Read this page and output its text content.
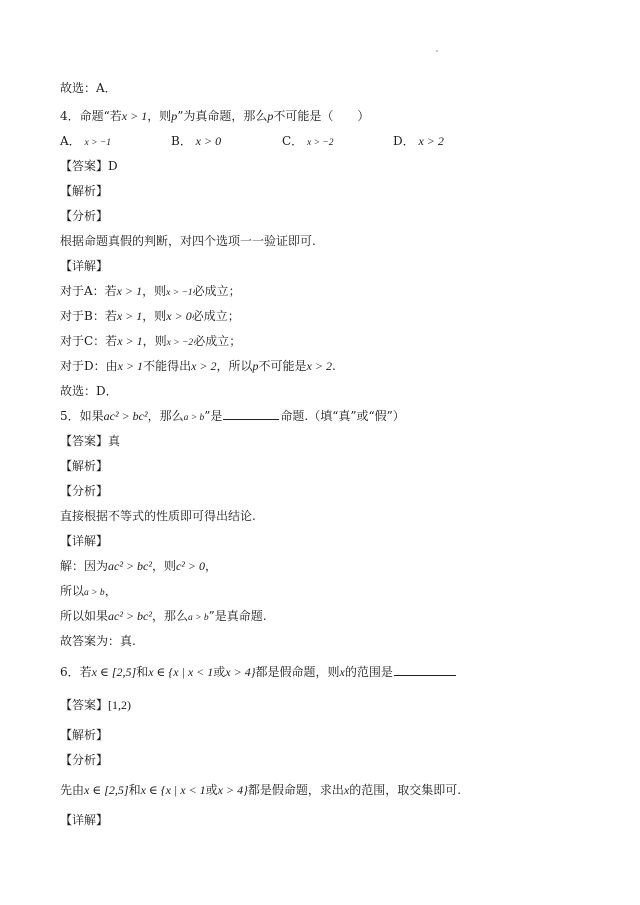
故选：A．
4．命题“若x > 1，则p”为真命题，那么p不可能是（　　）
A． x > −1	B． x > 0	C． x > −2	D． x > 2
【答案】D
【解析】
【分析】
根据命题真假的判断，对四个选项一一验证即可.
【详解】
对于A：若x > 1，则x > −1必成立；
对于B：若x > 1，则x > 0必成立；
对于C：若x > 1，则x > −2必成立；
对于D：由x > 1不能得出x > 2，所以p不可能是x > 2.
故选：D．
5．如果ac² > bc²，那么a > b”是	命题.（填“真”或“假”）
【答案】真
【解析】
【分析】
直接根据不等式的性质即可得出结论.
【详解】
解：因为ac² > bc²，则c² > 0，
所以a > b，
所以如果ac² > bc²，那么a > b”是真命题.
故答案为：真.
6．若x ∈ [2,5]和x ∈ {x | x < 1或x > 4}都是假命题，则x的范围是
【答案】[1,2)
【解析】
【分析】
先由x ∈ [2,5]和x ∈ {x | x < 1或x > 4}都是假命题，求出x的范围，取交集即可.
【详解】
